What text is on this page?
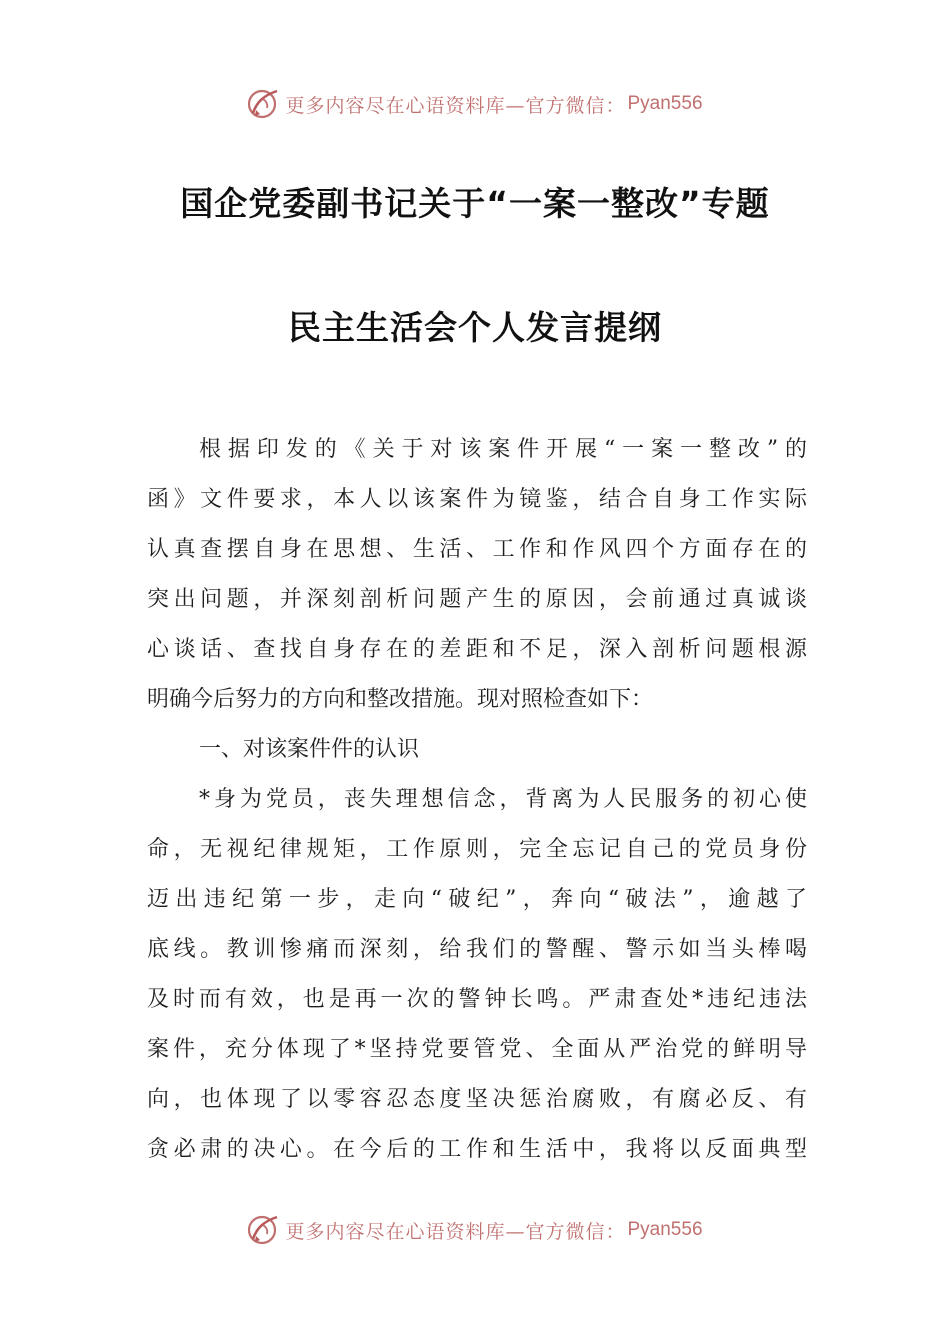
更多内容尽在心语资料库—官方微信： Pyan556
国企党委副书记关于“一案一整改”专题
民主生活会个人发言提纲
根据印发的《关于对该案件开展“一案一整改”的
函》文件要求，本人以该案件为镜鉴，结合自身工作实际
认真查摆自身在思想、生活、工作和作风四个方面存在的
突出问题，并深刻剖析问题产生的原因，会前通过真诚谈
心谈话、查找自身存在的差距和不足，深入剖析问题根源
明确今后努力的方向和整改措施。现对照检查如下：
一、对该案件件的认识
*身为党员，丧失理想信念，背离为人民服务的初心使
命，无视纪律规矩，工作原则，完全忘记自己的党员身份
迈出违纪第一步，走向“破纪”，奔向“破法”，逾越了
底线。教训惨痛而深刻，给我们的警醒、警示如当头棒喝
及时而有效，也是再一次的警钟长鸣。严肃查处*违纪违法
案件，充分体现了*坚持党要管党、全面从严治党的鲜明导
向，也体现了以零容忍态度坚决惩治腐败，有腐必反、有
贪必肃的决心。在今后的工作和生活中，我将以反面典型
更多内容尽在心语资料库—官方微信： Pyan556
